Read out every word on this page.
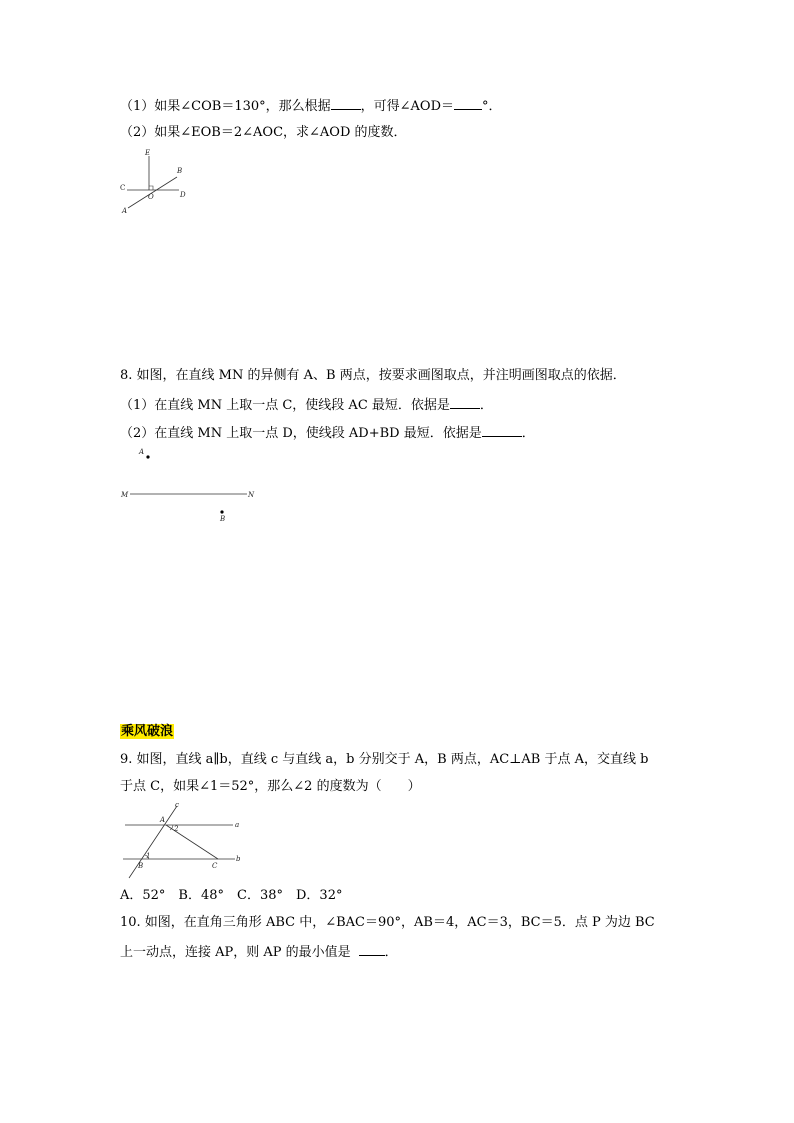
（1）如果∠COB＝130°，那么根据 ，可得∠AOD＝ °．
（2）如果∠EOB＝2∠AOC，求∠AOD 的度数．
E
B
C
O	D
A
8. 如图，在直线 MN 的异侧有 A、B 两点，按要求画图取点，并注明画图取点的依据．
（1）在直线 MN 上取一点 C，使线段 AC 最短．依据是 ．
（2）在直线 MN 上取一点 D，使线段 AD+BD 最短．依据是	．
A
M	N
B
乘风破浪
9. 如图，直线 a∥b，直线 c 与直线 a，b 分别交于 A，B 两点，AC⊥AB 于点 A，交直线 b
于点 C，如果∠1＝52°，那么∠2 的度数为（　　）
c
A
2	a
1
B	C
b
A．52°　B．48°　C．38°　D．32°
10. 如图，在直角三角形 ABC 中，∠BAC＝90°，AB＝4，AC＝3，BC＝5．点 P 为边 BC
上一动点，连接 AP，则 AP 的最小值是	．
